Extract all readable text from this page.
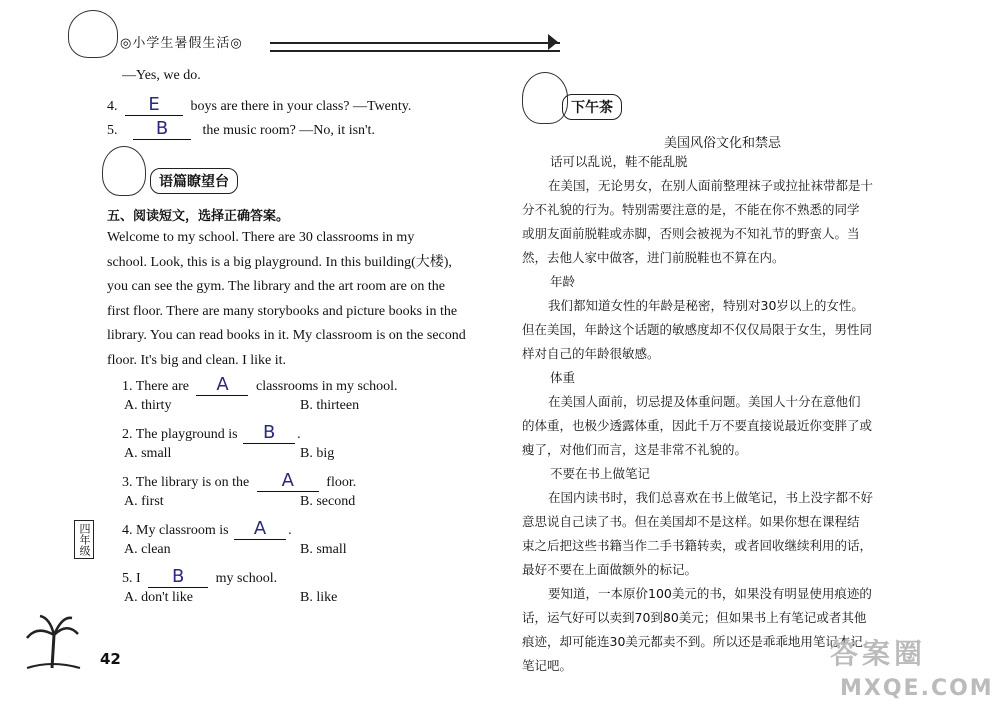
◎小学生暑假生活◎
—Yes, we do.
4. E boys are there in your class? —Twenty.
5. B the music room? —No, it isn't.
语篇瞭望台
五、阅读短文，选择正确答案。
Welcome to my school. There are 30 classrooms in my
school. Look, this is a big playground. In this building(大楼),
you can see the gym. The library and the art room are on the
first floor. There are many storybooks and picture books in the
library. You can read books in it. My classroom is on the second
floor. It's big and clean. I like it.
1. There are A classrooms in my school.
A. thirty	B. thirteen
2. The playground is B .
A. small	B. big
3. The library is on the A floor.
A. first	B. second
4. My classroom is A .
A. clean	B. small
5. I B my school.
A. don't like	B. like
四年级
42
下午茶
美国风俗文化和禁忌
话可以乱说，鞋不能乱脱
在美国，无论男女，在别人面前整理袜子或拉扯袜带都是十
分不礼貌的行为。特别需要注意的是，不能在你不熟悉的同学
或朋友面前脱鞋或赤脚，否则会被视为不知礼节的野蛮人。当
然，去他人家中做客，进门前脱鞋也不算在内。
年龄
我们都知道女性的年龄是秘密，特别对30岁以上的女性。
但在美国，年龄这个话题的敏感度却不仅仅局限于女生，男性同
样对自己的年龄很敏感。
体重
在美国人面前，切忌提及体重问题。美国人十分在意他们
的体重，也极少透露体重，因此千万不要直接说最近你变胖了或
瘦了，对他们而言，这是非常不礼貌的。
不要在书上做笔记
在国内读书时，我们总喜欢在书上做笔记，书上没字都不好
意思说自己读了书。但在美国却不是这样。如果你想在课程结
束之后把这些书籍当作二手书籍转卖，或者回收继续利用的话，
最好不要在上面做额外的标记。
要知道，一本原价100美元的书，如果没有明显使用痕迹的
话，运气好可以卖到70到80美元；但如果书上有笔记或者其他
痕迹，却可能连30美元都卖不到。所以还是乖乖地用笔记本记
笔记吧。	答案圈
MXQE.COM
